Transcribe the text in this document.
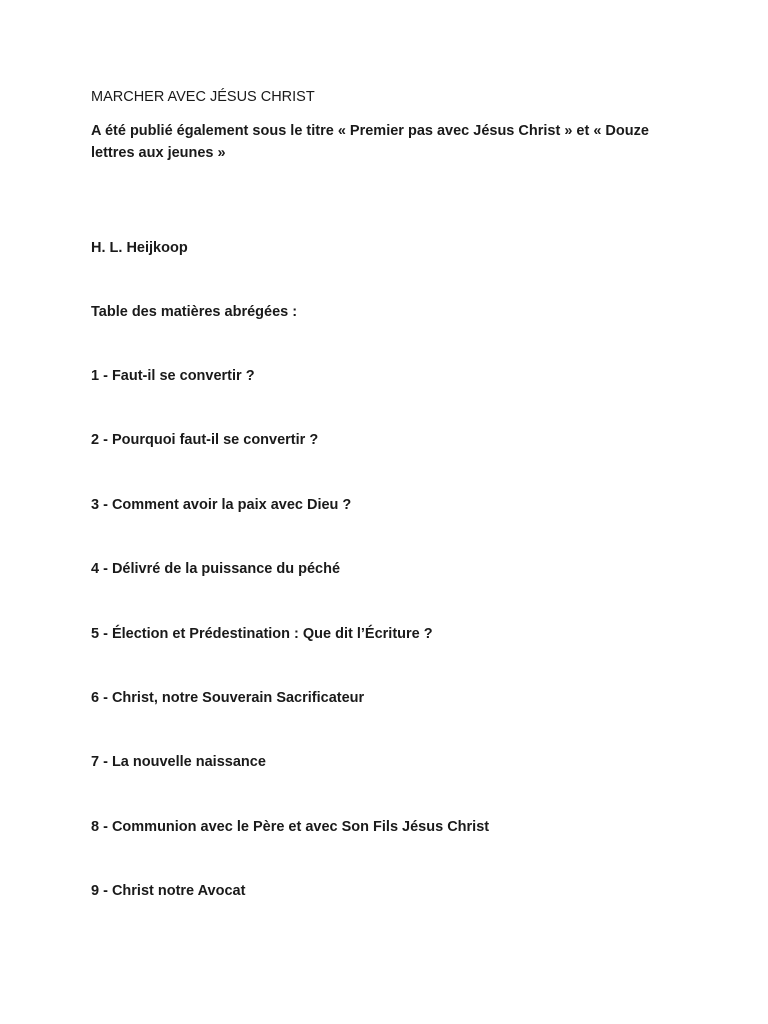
MARCHER AVEC JÉSUS CHRIST

A été publié également sous le titre « Premier pas avec Jésus Christ » et « Douze lettres aux jeunes »

H. L. Heijkoop

Table des matières abrégées :

1 - Faut-il se convertir ?
2 - Pourquoi faut-il se convertir ?
3 - Comment avoir la paix avec Dieu ?
4 - Délivré de la puissance du péché
5 - Élection et Prédestination : Que dit l’Écriture ?
6 - Christ, notre Souverain Sacrificateur
7 - La nouvelle naissance
8 - Communion avec le Père et avec Son Fils Jésus Christ
9 - Christ notre Avocat
